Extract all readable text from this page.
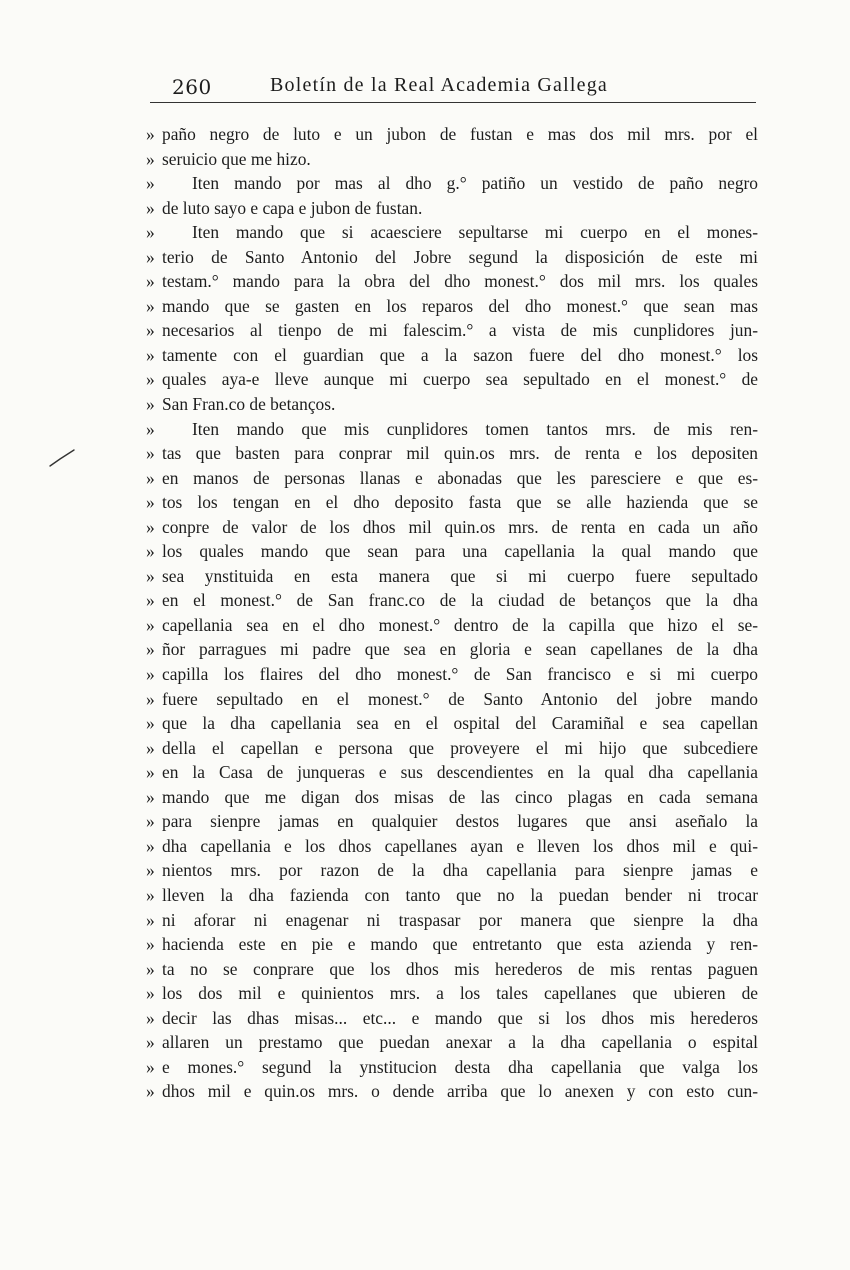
260	Boletín de la Real Academia Gallega
» paño negro de luto e un jubon de fustan e mas dos mil mrs. por el
» seruicio que me hizo.
» Iten mando por mas al dho g.° patiño un vestido de paño negro
» de luto sayo e capa e jubon de fustan.
» Iten mando que si acaesciere sepultarse mi cuerpo en el mones-
» terio de Santo Antonio del Jobre segund la disposición de este mi
» testam.° mando para la obra del dho monest.° dos mil mrs. los quales
» mando que se gasten en los reparos del dho monest.° que sean mas
» necesarios al tienpo de mi falescim.° a vista de mis cunplidores jun-
» tamente con el guardian que a la sazon fuere del dho monest.° los
» quales aya-e lleve aunque mi cuerpo sea sepultado en el monest.° de
» San Fran.co de betanços.
» Iten mando que mis cunplidores tomen tantos mrs. de mis ren-
» tas que basten para conprar mil quin.os mrs. de renta e los depositen
» en manos de personas llanas e abonadas que les paresciere e que es-
» tos los tengan en el dho deposito fasta que se alle hazienda que se
» conpre de valor de los dhos mil quin.os mrs. de renta en cada un año
» los quales mando que sean para una capellania la qual mando que
» sea ynstituida en esta manera que si mi cuerpo fuere sepultado
» en el monest.° de San franc.co de la ciudad de betanços que la dha
» capellania sea en el dho monest.° dentro de la capilla que hizo el se-
» ñor parragues mi padre que sea en gloria e sean capellanes de la dha
» capilla los flaires del dho monest.° de San francisco e si mi cuerpo
» fuere sepultado en el monest.° de Santo Antonio del jobre mando
» que la dha capellania sea en el ospital del Caramiñal e sea capellan
» della el capellan e persona que proveyere el mi hijo que subcediere
» en la Casa de junqueras e sus descendientes en la qual dha capellania
» mando que me digan dos misas de las cinco plagas en cada semana
» para sienpre jamas en qualquier destos lugares que ansi aseñalo la
» dha capellania e los dhos capellanes ayan e lleven los dhos mil e qui-
» nientos mrs. por razon de la dha capellania para sienpre jamas e
» lleven la dha fazienda con tanto que no la puedan bender ni trocar
» ni aforar ni enagenar ni traspasar por manera que sienpre la dha
» hacienda este en pie e mando que entretanto que esta azienda y ren-
» ta no se conprare que los dhos mis herederos de mis rentas paguen
» los dos mil e quinientos mrs. a los tales capellanes que ubieren de
» decir las dhas misas... etc... e mando que si los dhos mis herederos
» allaren un prestamo que puedan anexar a la dha capellania o espital
» e mones.° segund la ynstitucion desta dha capellania que valga los
» dhos mil e quin.os mrs. o dende arriba que lo anexen y con esto cun-
